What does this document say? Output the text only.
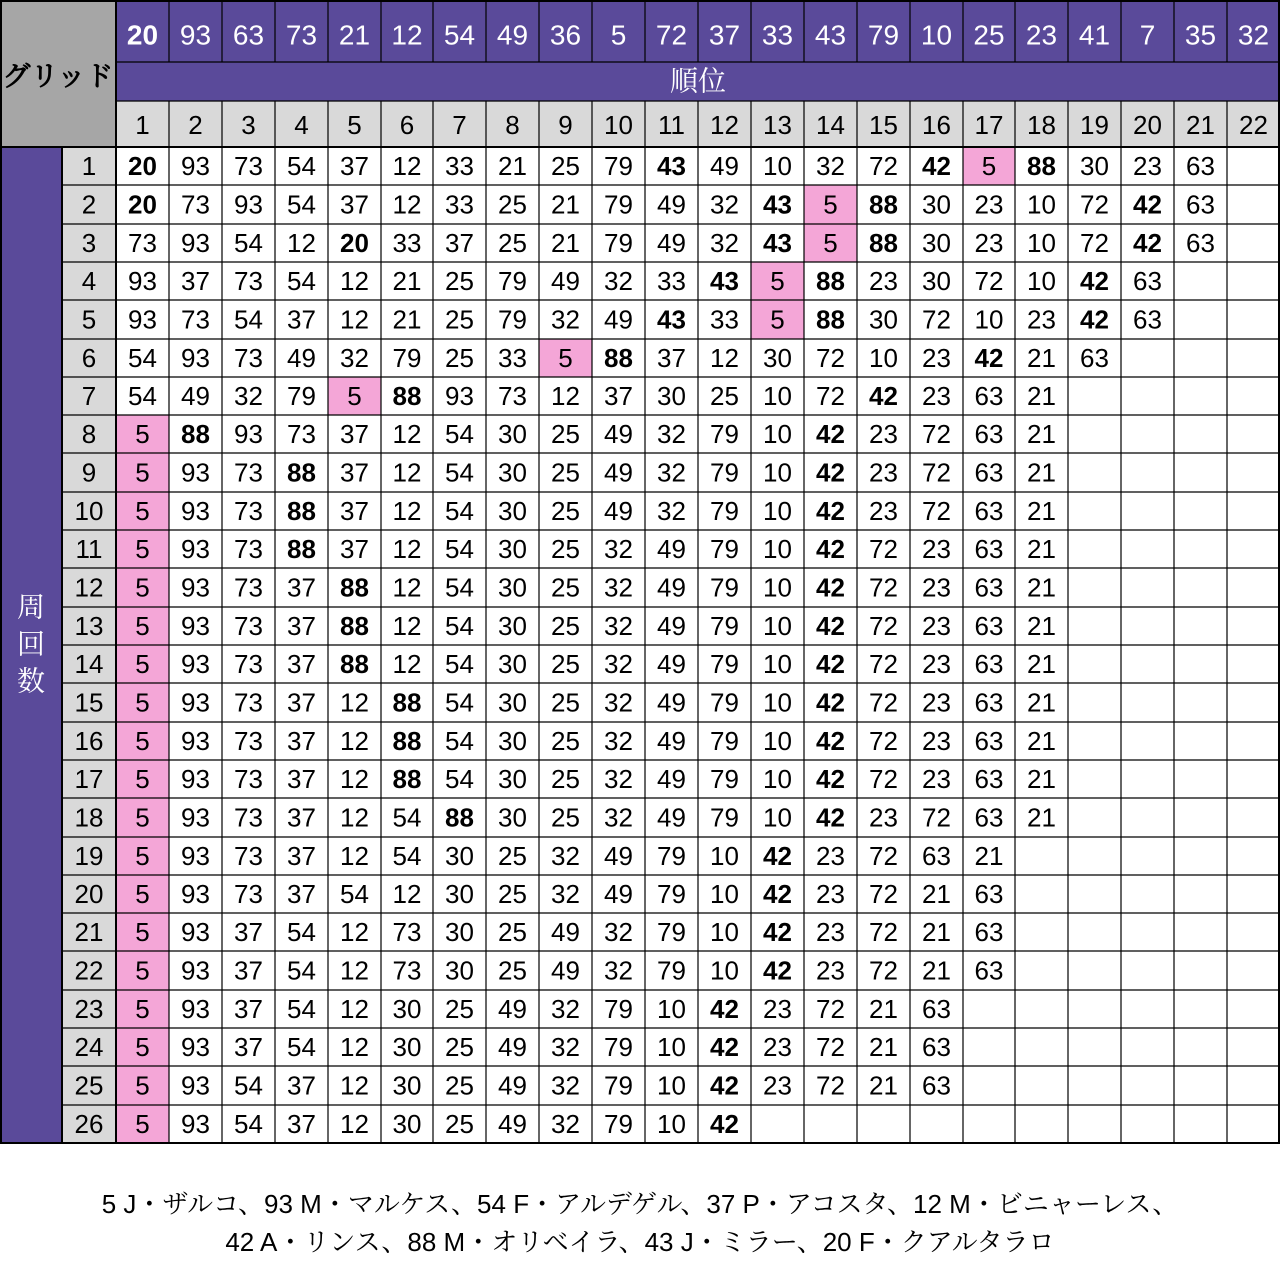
グリッド	順位
20 93 63 73 21 12 54 49 36 5 72 37 33 43 79 10 25 23 41 7 35 32
1 2 3 4 5 6 7 8 9 10 11 12 13 14 15 16 17 18 19 20 21 22
周
回
数
1 20 93 73 54 37 12 33 21 25 79 43 49 10 32 72 42 5 88 30 23 63
2 20 73 93 54 37 12 33 25 21 79 49 32 43 5 88 30 23 10 72 42 63
3 73 93 54 12 20 33 37 25 21 79 49 32 43 5 88 30 23 10 72 42 63
4 93 37 73 54 12 21 25 79 49 32 33 43 5 88 23 30 72 10 42 63
5 93 73 54 37 12 21 25 79 32 49 43 33 5 88 30 72 10 23 42 63
6 54 93 73 49 32 79 25 33 5 88 37 12 30 72 10 23 42 21 63
7 54 49 32 79 5 88 93 73 12 37 30 25 10 72 42 23 63 21
8 5 88 93 73 37 12 54 30 25 49 32 79 10 42 23 72 63 21
9 5 93 73 88 37 12 54 30 25 49 32 79 10 42 23 72 63 21
10 5 93 73 88 37 12 54 30 25 49 32 79 10 42 23 72 63 21
11 5 93 73 88 37 12 54 30 25 32 49 79 10 42 72 23 63 21
12 5 93 73 37 88 12 54 30 25 32 49 79 10 42 72 23 63 21
13 5 93 73 37 88 12 54 30 25 32 49 79 10 42 72 23 63 21
14 5 93 73 37 88 12 54 30 25 32 49 79 10 42 72 23 63 21
15 5 93 73 37 12 88 54 30 25 32 49 79 10 42 72 23 63 21
16 5 93 73 37 12 88 54 30 25 32 49 79 10 42 72 23 63 21
17 5 93 73 37 12 88 54 30 25 32 49 79 10 42 72 23 63 21
18 5 93 73 37 12 54 88 30 25 32 49 79 10 42 23 72 63 21
19 5 93 73 37 12 54 30 25 32 49 79 10 42 23 72 63 21
20 5 93 73 37 54 12 30 25 32 49 79 10 42 23 72 21 63
21 5 93 37 54 12 73 30 25 49 32 79 10 42 23 72 21 63
22 5 93 37 54 12 73 30 25 49 32 79 10 42 23 72 21 63
23 5 93 37 54 12 30 25 49 32 79 10 42 23 72 21 63
24 5 93 37 54 12 30 25 49 32 79 10 42 23 72 21 63
25 5 93 54 37 12 30 25 49 32 79 10 42 23 72 21 63
26 5 93 54 37 12 30 25 49 32 79 10 42
5 J・ザルコ、93 M・マルケス、54 F・アルデゲル、37 P・アコスタ、12 M・ビニャーレス、
42 A・リンス、88 M・オリベイラ、43 J・ミラー、20 F・クアルタラロ
